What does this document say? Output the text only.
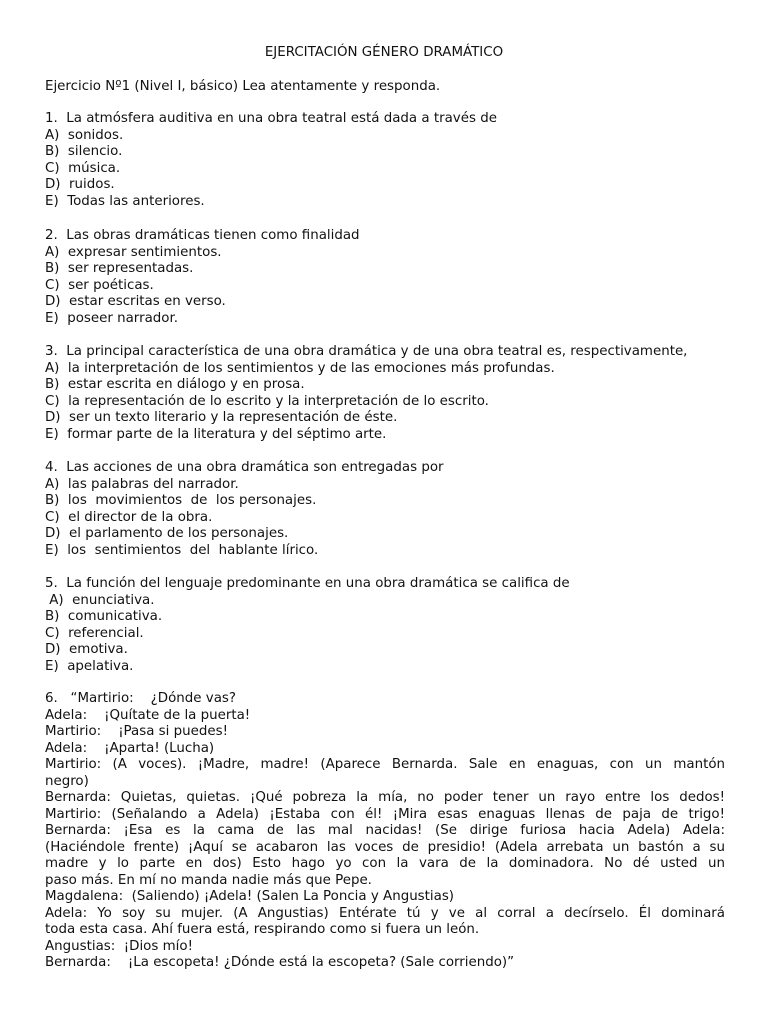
EJERCITACIÓN GÉNERO DRAMÁTICO
Ejercicio Nº1 (Nivel I, básico) Lea atentamente y responda.

1.  La atmósfera auditiva en una obra teatral está dada a través de

A)  sonidos.

B)  silencio.

C)  música.

D)  ruidos.

E)  Todas las anteriores.

2.  Las obras dramáticas tienen como finalidad

A)  expresar sentimientos.

B)  ser representadas.

C)  ser poéticas.

D)  estar escritas en verso.

E)  poseer narrador.

3.  La principal característica de una obra dramática y de una obra teatral es, respectivamente,

A)  la interpretación de los sentimientos y de las emociones más profundas.

B)  estar escrita en diálogo y en prosa.

C)  la representación de lo escrito y la interpretación de lo escrito.

D)  ser un texto literario y la representación de éste.

E)  formar parte de la literatura y del séptimo arte.

4.  Las acciones de una obra dramática son entregadas por

A)  las palabras del narrador.

B)  los  movimientos  de  los personajes.

C)  el director de la obra.

D)  el parlamento de los personajes.

E)  los  sentimientos  del  hablante lírico.

5.  La función del lenguaje predominante en una obra dramática se califica de

A)  enunciativa.

B)  comunicativa.

C)  referencial.

D)  emotiva.

E)  apelativa.

6.   “Martirio:    ¿Dónde vas?

Adela:    ¡Quítate de la puerta!

Martirio:    ¡Pasa si puedes!

Adela:    ¡Aparta! (Lucha)

Martirio: (A voces). ¡Madre, madre! (Aparece Bernarda. Sale en enaguas, con un mantón

negro)

Bernarda: Quietas, quietas. ¡Qué pobreza la mía, no poder tener un rayo entre los dedos!

Martirio: (Señalando a Adela) ¡Estaba con él! ¡Mira esas enaguas llenas de paja de trigo!

Bernarda: ¡Esa es la cama de las mal nacidas! (Se dirige furiosa hacia Adela) Adela:

(Haciéndole frente) ¡Aquí se acabaron las voces de presidio! (Adela arrebata un bastón a su

madre y lo parte en dos) Esto hago yo con la vara de la dominadora. No dé usted un

paso más. En mí no manda nadie más que Pepe.

Magdalena:  (Saliendo) ¡Adela! (Salen La Poncia y Angustias)

Adela: Yo soy su mujer. (A Angustias) Entérate tú y ve al corral a decírselo. Él dominará

toda esta casa. Ahí fuera está, respirando como si fuera un león.

Angustias:  ¡Dios mío!

Bernarda:    ¡La escopeta! ¿Dónde está la escopeta? (Sale corriendo)”
